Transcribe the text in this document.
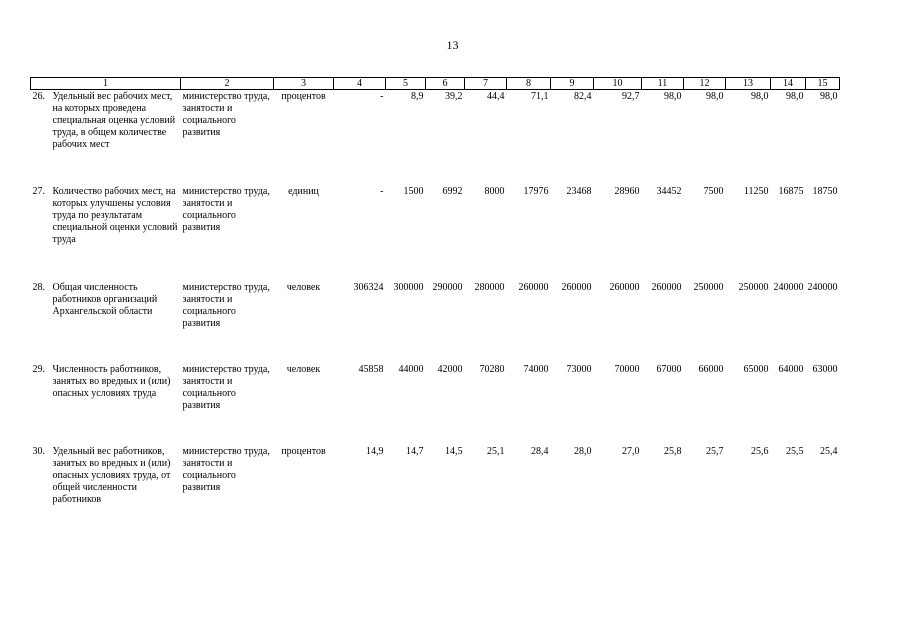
13
1	2	3	4	5	6	7	8	9	10	11	12	13	14	15
26. Удельный вес рабочих мест, на которых проведена специальная оценка условий труда, в общем количестве рабочих мест	министерство труда, занятости и социального развития	процентов	-	8,9	39,2	44,4	71,1	82,4	92,7	98,0	98,0	98,0	98,0	98,0
27. Количество рабочих мест, на которых улучшены условия труда по результатам специальной оценки условий труда	министерство труда, занятости и социального развития	единиц	-	1500	6992	8000	17976	23468	28960	34452	7500	11250	16875	18750
28. Общая численность работников организаций Архангельской области	министерство труда, занятости и социального развития	человек	306324	300000	290000	280000	260000	260000	260000	260000	250000	250000	240000	240000
29. Численность работников, занятых во вредных и (или) опасных условиях труда	министерство труда, занятости и социального развития	человек	45858	44000	42000	70280	74000	73000	70000	67000	66000	65000	64000	63000
30. Удельный вес работников, занятых во вредных и (или) опасных условиях труда, от общей численности работников	министерство труда, занятости и социального развития	процентов	14,9	14,7	14,5	25,1	28,4	28,0	27,0	25,8	25,7	25,6	25,5	25,4
